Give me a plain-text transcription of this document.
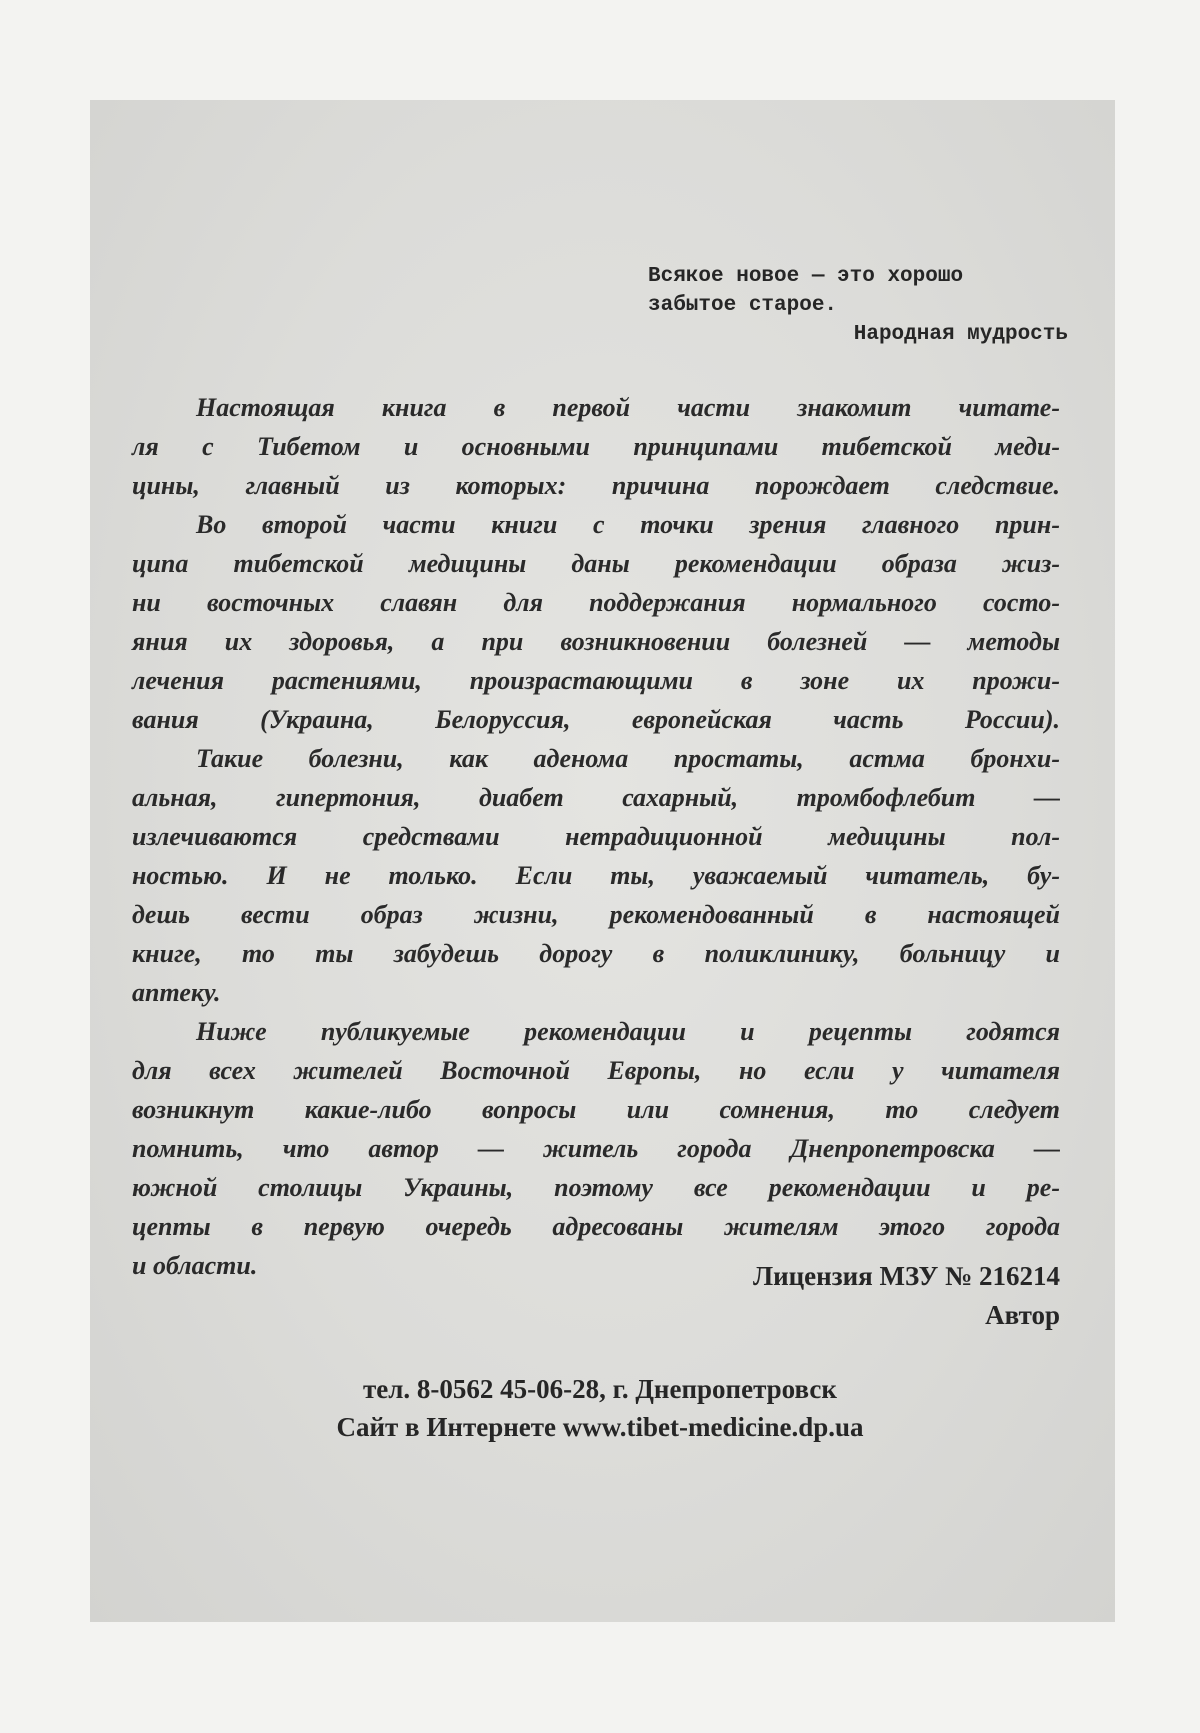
Всякое новое — это хорошо
забытое старое.
Народная мудрость
Настоящая книга в первой части знакомит читате-
ля с Тибетом и основными принципами тибетской меди-
цины, главный из которых: причина порождает следствие.
Во второй части книги с точки зрения главного прин-
ципа тибетской медицины даны рекомендации образа жиз-
ни восточных славян для поддержания нормального состо-
яния их здоровья, а при возникновении болезней — методы
лечения растениями, произрастающими в зоне их прожи-
вания (Украина, Белоруссия, европейская часть России).
Такие болезни, как аденома простаты, астма бронхи-
альная, гипертония, диабет сахарный, тромбофлебит —
излечиваются средствами нетрадиционной медицины пол-
ностью. И не только. Если ты, уважаемый читатель, бу-
дешь вести образ жизни, рекомендованный в настоящей
книге, то ты забудешь дорогу в поликлинику, больницу и
аптеку.
Ниже публикуемые рекомендации и рецепты годятся
для всех жителей Восточной Европы, но если у читателя
возникнут какие-либо вопросы или сомнения, то следует
помнить, что автор — житель города Днепропетровска —
южной столицы Украины, поэтому все рекомендации и ре-
цепты в первую очередь адресованы жителям этого города
и области.	Лицензия МЗУ № 216214
Автор
тел. 8-0562 45-06-28, г. Днепропетровск
Сайт в Интернете www.tibet-medicine.dp.ua
